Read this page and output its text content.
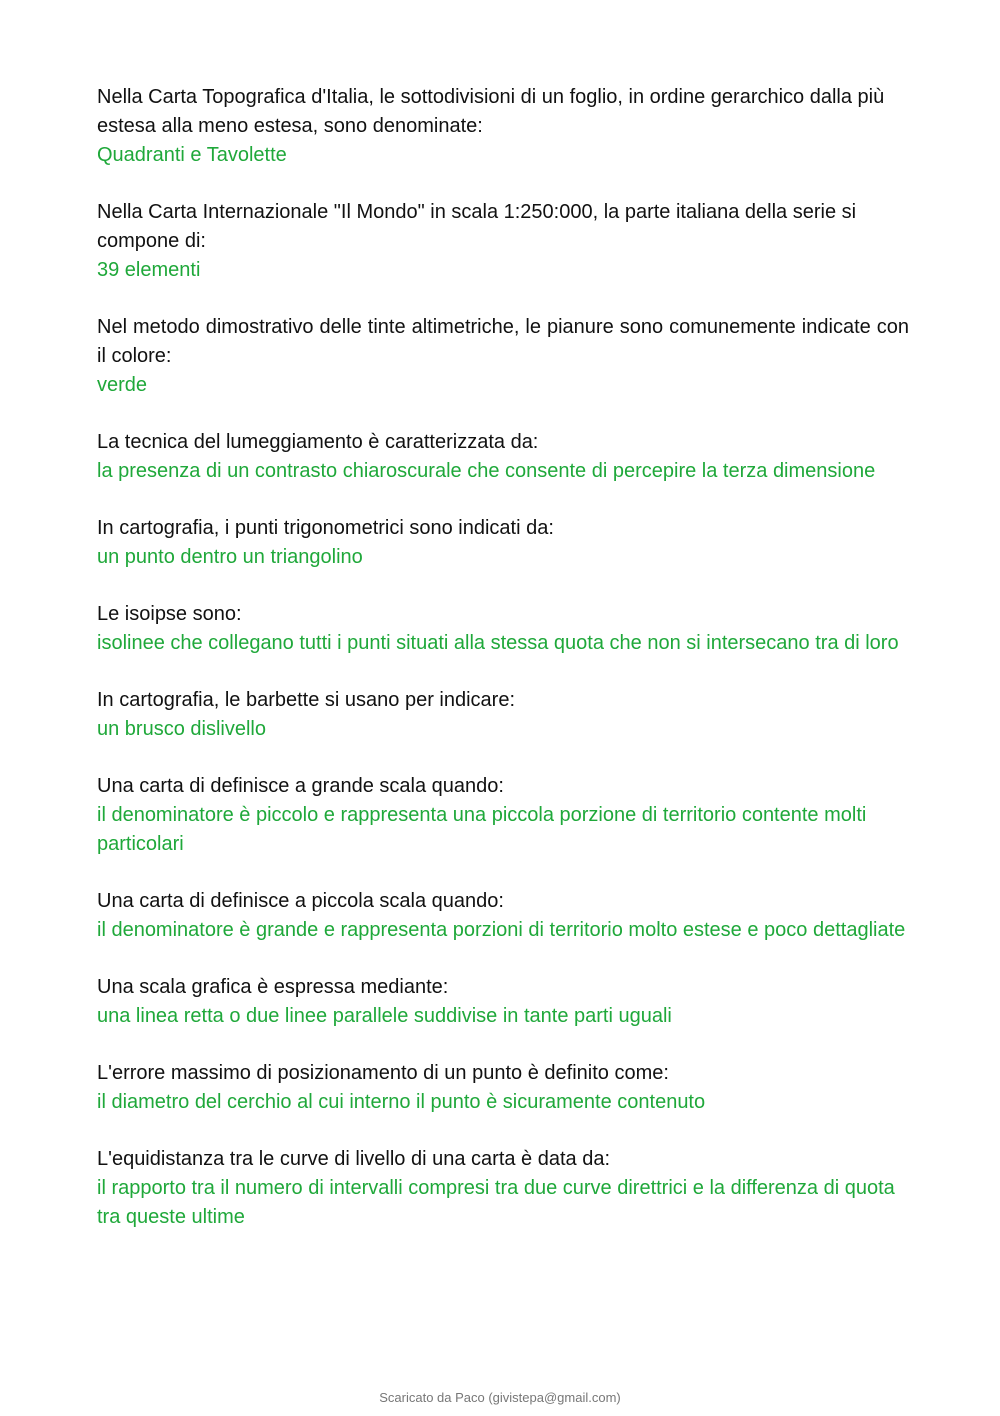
Nella Carta Topografica d'Italia, le sottodivisioni di un foglio, in ordine gerarchico dalla più estesa alla meno estesa, sono denominate:

Quadranti e Tavolette

Nella Carta Internazionale "Il Mondo" in scala 1:250:000, la parte italiana della serie si compone di:

39 elementi

Nel metodo dimostrativo delle tinte altimetriche, le pianure sono comunemente indicate con il colore:

verde

La tecnica del lumeggiamento è caratterizzata da:

la presenza di un contrasto chiaroscurale che consente di percepire la terza dimensione

In cartografia, i punti trigonometrici sono indicati da:

un punto dentro un triangolino

Le isoipse sono:

isolinee che collegano tutti i punti situati alla stessa quota che non si intersecano tra di loro

In cartografia, le barbette si usano per indicare:

un brusco dislivello

Una carta di definisce a grande scala quando:

il denominatore è piccolo e rappresenta una piccola porzione di territorio contente molti particolari

Una carta di definisce a piccola scala quando:

il denominatore è grande e rappresenta porzioni di territorio molto estese e poco dettagliate

Una scala grafica è espressa mediante:

una linea retta o due linee parallele suddivise in tante parti uguali

L'errore massimo di posizionamento di un punto è definito come:

il diametro del cerchio al cui interno il punto è sicuramente contenuto

L'equidistanza tra le curve di livello di una carta è data da:

il rapporto tra il numero di intervalli compresi tra due curve direttrici e la differenza di quota tra queste ultime

Scaricato da Paco (givistepa@gmail.com)
